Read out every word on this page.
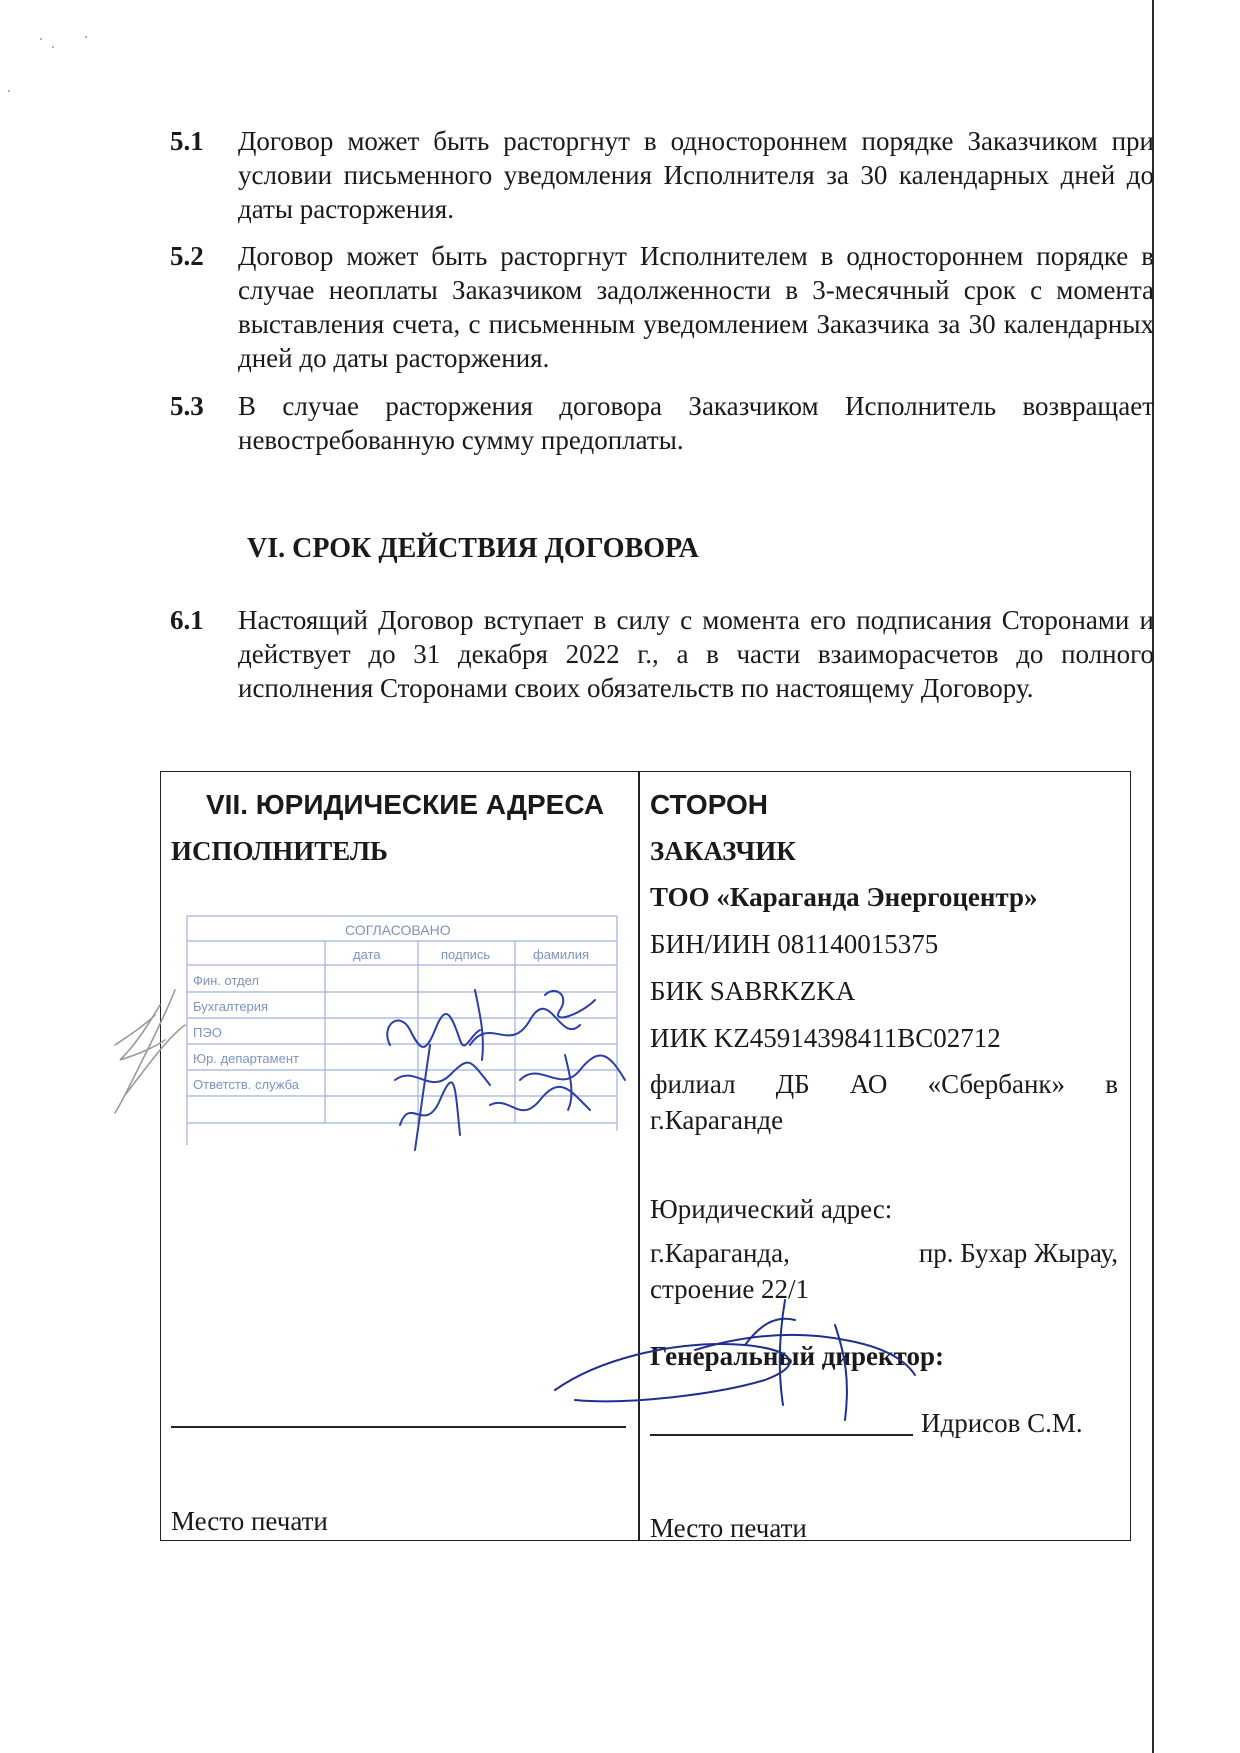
5.1 Договор может быть расторгнут в одностороннем порядке Заказчиком при условии письменного уведомления Исполнителя за 30 календарных дней до даты расторжения.
5.2 Договор может быть расторгнут Исполнителем в одностороннем порядке в случае неоплаты Заказчиком задолженности в 3-месячный срок с момента выставления счета, с письменным уведомлением Заказчика за 30 календарных дней до даты расторжения.
5.3 В случае расторжения договора Заказчиком Исполнитель возвращает невостребованную сумму предоплаты.
VI. СРОК ДЕЙСТВИЯ ДОГОВОРА
6.1 Настоящий Договор вступает в силу с момента его подписания Сторонами и действует до 31 декабря 2022 г., а в части взаиморасчетов до полного исполнения Сторонами своих обязательств по настоящему Договору.
VII. ЮРИДИЧЕСКИЕ АДРЕСА
ИСПОЛНИТЕЛЬ
Место печати
СТОРОН
ЗАКАЗЧИК
ТОО «Караганда Энергоцентр»
БИН/ИИН 081140015375
БИК SABRKZKA
ИИК KZ45914398411BC02712
филиал ДБ АО «Сбербанк» в
г.Караганде
Юридический адрес:
г.Караганда,	пр. Бухар Жырау,
строение 22/1
Генеральный директор:
Идрисов С.М.
Место печати
СОГЛАСОВАНО
дата	подпись	фамилия
Фин. отдел
Бухгалтерия
ПЭО
Юр. департамент
Ответств. служба
